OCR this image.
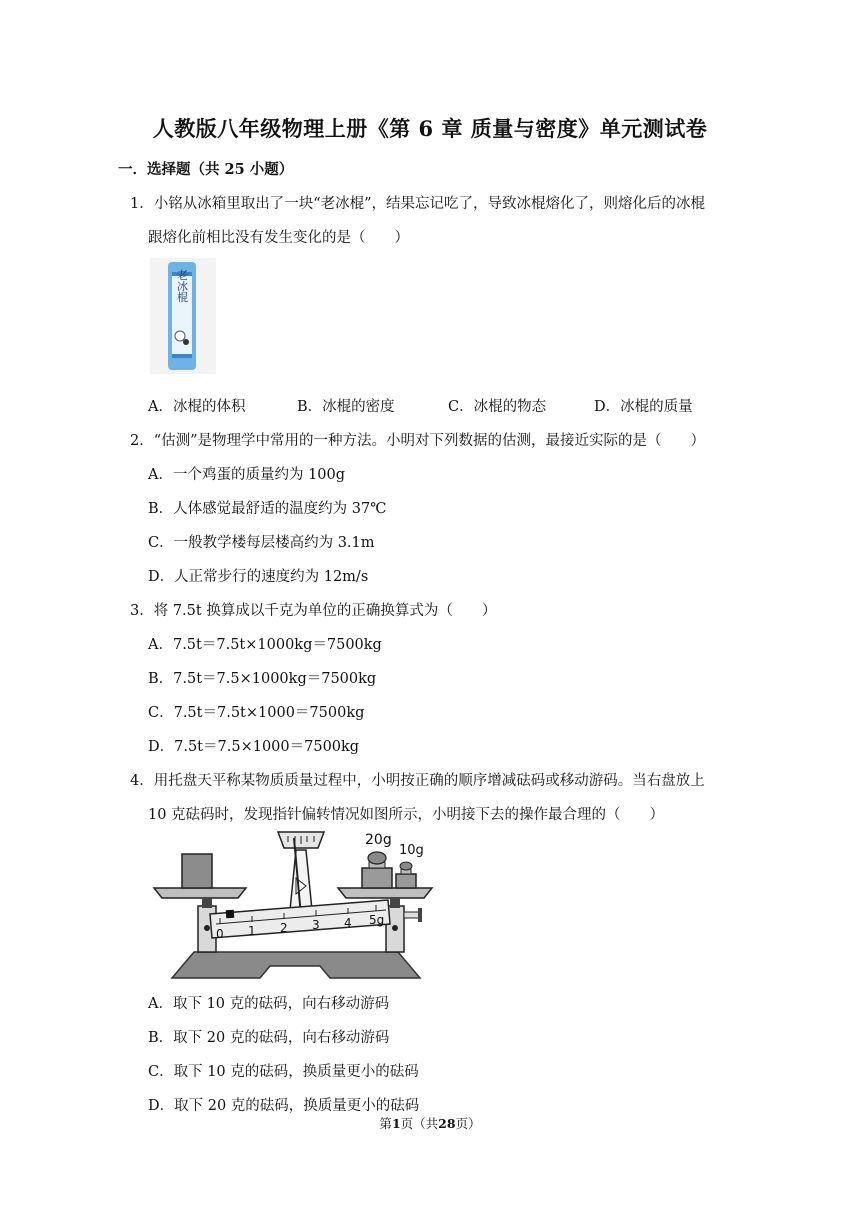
人教版八年级物理上册《第 6 章 质量与密度》单元测试卷
一．选择题（共 25 小题）
1．小铭从冰箱里取出了一块“老冰棍”，结果忘记吃了，导致冰棍熔化了，则熔化后的冰棍
跟熔化前相比没有发生变化的是（　　）
老冰棍
A．冰棍的体积	B．冰棍的密度	C．冰棍的物态	D．冰棍的质量
2．“估测”是物理学中常用的一种方法。小明对下列数据的估测，最接近实际的是（　　）
A．一个鸡蛋的质量约为 100g
B．人体感觉最舒适的温度约为 37℃
C．一般教学楼每层楼高约为 3.1m
D．人正常步行的速度约为 12m/s
3．将 7.5t 换算成以千克为单位的正确换算式为（　　）
A．7.5t＝7.5t×1000kg＝7500kg
B．7.5t＝7.5×1000kg＝7500kg
C．7.5t＝7.5t×1000＝7500kg
D．7.5t＝7.5×1000＝7500kg
4．用托盘天平称某物质质量过程中，小明按正确的顺序增减砝码或移动游码。当右盘放上
10 克砝码时，发现指针偏转情况如图所示，小明接下去的操作最合理的（　　）
20g
10g
0 1 2 3 4 5g
A．取下 10 克的砝码，向右移动游码
B．取下 20 克的砝码，向右移动游码
C．取下 10 克的砝码，换质量更小的砝码
D．取下 20 克的砝码，换质量更小的砝码
第1页（共28页）
